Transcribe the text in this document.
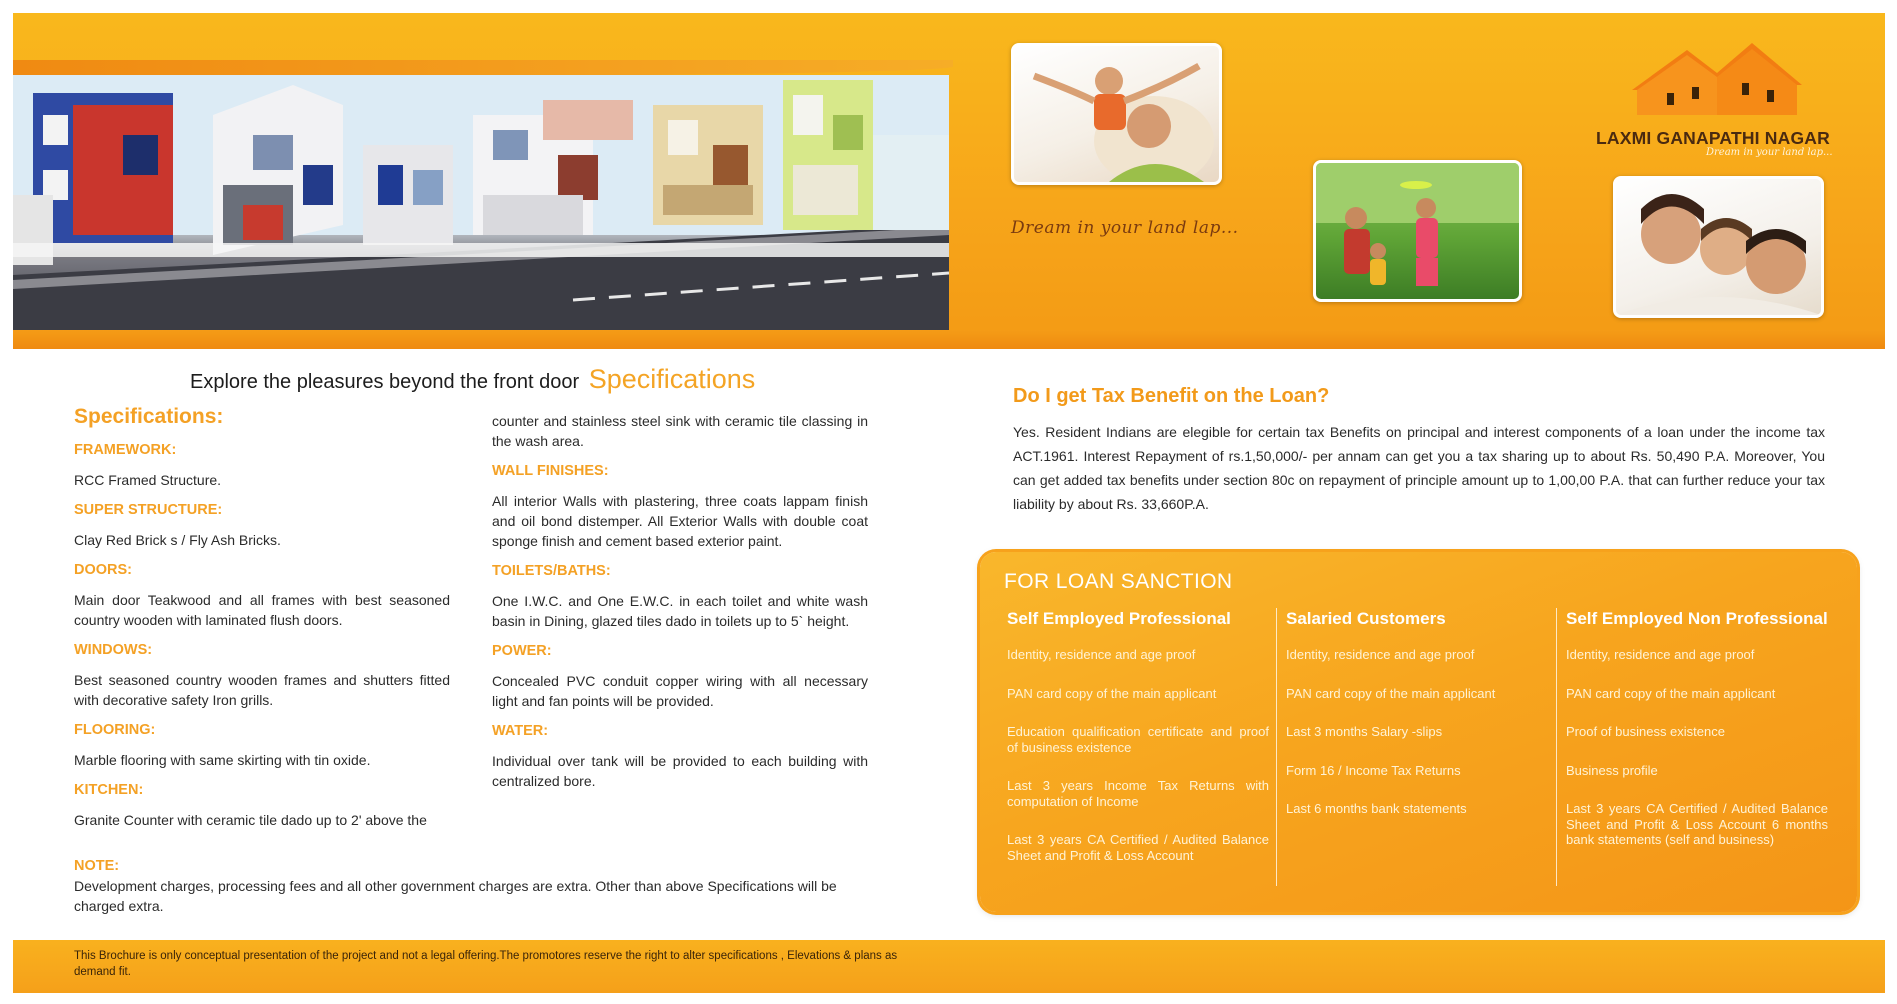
Dream in your land lap...
LAXMI GANAPATHI NAGAR
Dream in your land lap...
Explore the pleasures beyond the front door Specifications
Specifications:
FRAMEWORK:
RCC Framed Structure.
SUPER STRUCTURE:
Clay Red Brick s / Fly Ash Bricks.
DOORS:
Main door Teakwood and all frames with best seasoned country wooden with laminated flush doors.
WINDOWS:
Best seasoned country wooden frames and shutters fitted with decorative safety Iron grills.
FLOORING:
Marble flooring with same skirting with tin oxide.
KITCHEN:
Granite Counter with ceramic tile dado up to 2' above the
counter and stainless steel sink with ceramic tile classing in the wash area.
WALL FINISHES:
All interior Walls with plastering, three coats lappam finish and oil bond distemper. All Exterior Walls with double coat sponge finish and cement based exterior paint.
TOILETS/BATHS:
One I.W.C. and One E.W.C. in each toilet and white wash basin in Dining, glazed tiles dado in toilets up to 5` height.
POWER:
Concealed PVC conduit copper wiring with all necessary light and fan points will be provided.
WATER:
Individual over tank will be provided to each building with centralized bore.
NOTE:
Development charges, processing fees and all other government charges are extra. Other than above Specifications will be charged extra.
Do I get Tax Benefit on the Loan?
Yes. Resident Indians are elegible for certain tax Benefits on principal and interest components of a loan under the income tax ACT.1961. Interest Repayment of rs.1,50,000/- per annam can get you a tax sharing up to about Rs. 50,490 P.A. Moreover, You can get added tax benefits under section 80c on repayment of principle amount up to 1,00,00 P.A. that can further reduce your tax liability by about Rs. 33,660P.A.
FOR LOAN SANCTION
Self Employed Professional
Identity, residence and age proof
PAN card copy of the main applicant
Education qualification certificate and proof of business existence
Last 3 years Income Tax Returns with computation of Income
Last 3 years CA Certified / Audited Balance Sheet and Profit & Loss Account
Salaried Customers
Identity, residence and age proof
PAN card copy of the main applicant
Last 3 months Salary -slips
Form 16 / Income Tax Returns
Last 6 months bank statements
Self Employed Non Professional
Identity, residence and age proof
PAN card copy of the main applicant
Proof of business existence
Business profile
Last 3 years CA Certified / Audited Balance Sheet and Profit & Loss Account 6 months bank statements (self and business)
This Brochure is only conceptual presentation of the project and not a legal offering.The promotores reserve the right to alter specifications , Elevations & plans as demand fit.
